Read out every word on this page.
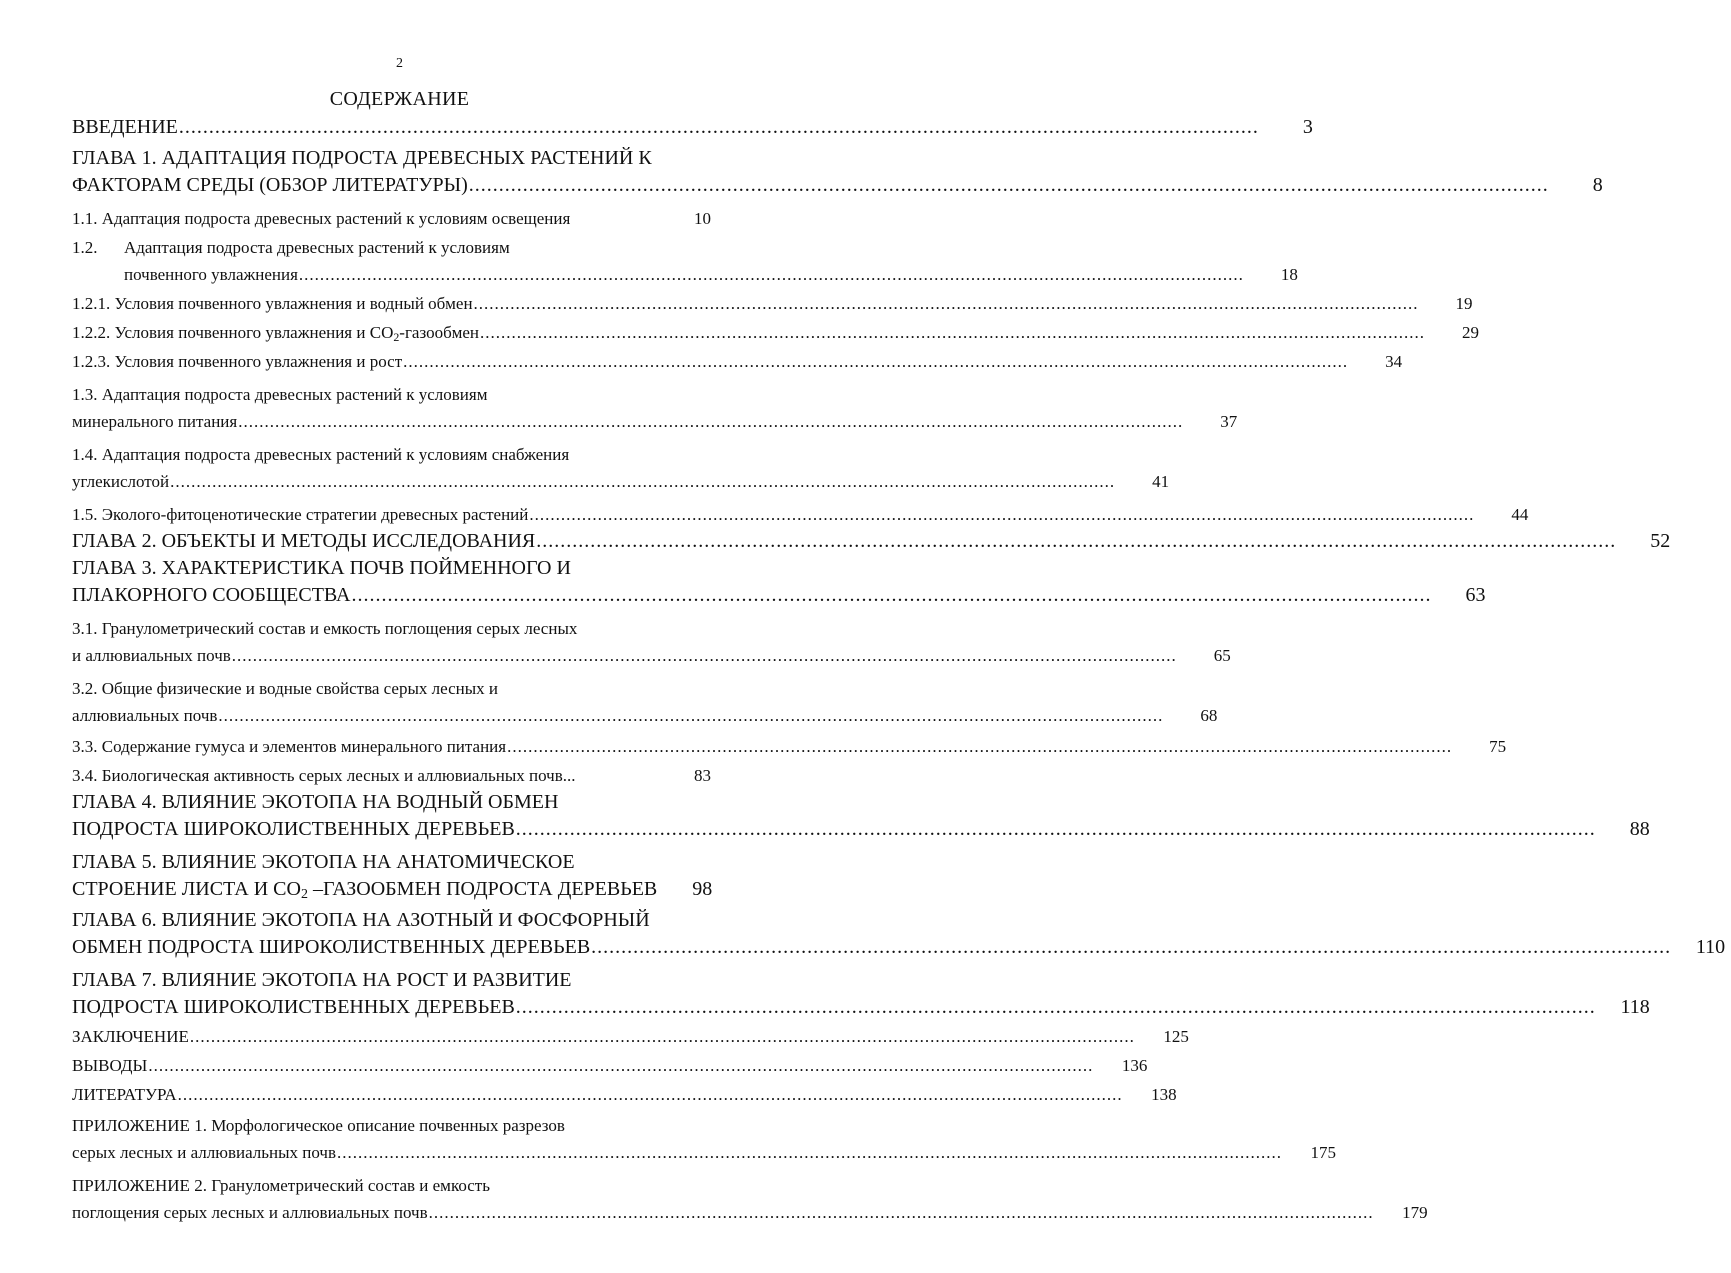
2
СОДЕРЖАНИЕ
ВВЕДЕНИЕ ....................................................................................................................................................................................	3
ГЛАВА 1. АДАПТАЦИЯ ПОДРОСТА ДРЕВЕСНЫХ РАСТЕНИЙ К
ФАКТОРАМ СРЕДЫ (ОБЗОР ЛИТЕРАТУРЫ) ....................................................................................................................................................................................	8
1.1. Адаптация подроста древесных растений к условиям освещения	10
1.2. Адаптация подроста древесных растений к условиям
почвенного увлажнения ....................................................................................................................................................................................	18
1.2.1. Условия почвенного увлажнения и водный обмен ....................................................................................................................................................................................	19
1.2.2. Условия почвенного увлажнения и $CO_2$-газообмен ....................................................................................................................................................................................	29
1.2.3. Условия почвенного увлажнения и рост ....................................................................................................................................................................................	34
1.3. Адаптация подроста древесных растений к условиям
минерального питания ....................................................................................................................................................................................	37
1.4. Адаптация подроста древесных растений к условиям снабжения
углекислотой ....................................................................................................................................................................................	41
1.5. Эколого-фитоценотические стратегии древесных растений ....................................................................................................................................................................................	44
ГЛАВА 2. ОБЪЕКТЫ И МЕТОДЫ ИССЛЕДОВАНИЯ ....................................................................................................................................................................................	52
ГЛАВА 3. ХАРАКТЕРИСТИКА ПОЧВ ПОЙМЕННОГО И
ПЛАКОРНОГО СООБЩЕСТВА ....................................................................................................................................................................................	63
3.1. Гранулометрический состав и емкость поглощения серых лесных
и аллювиальных почв ....................................................................................................................................................................................	65
3.2. Общие физические и водные свойства серых лесных и
аллювиальных почв ....................................................................................................................................................................................	68
3.3. Содержание гумуса и элементов минерального питания ....................................................................................................................................................................................	75
3.4. Биологическая активность серых лесных и аллювиальных почв...	83
ГЛАВА 4. ВЛИЯНИЕ ЭКОТОПА НА ВОДНЫЙ ОБМЕН
ПОДРОСТА ШИРОКОЛИСТВЕННЫХ ДЕРЕВЬЕВ ....................................................................................................................................................................................	88
ГЛАВА 5. ВЛИЯНИЕ ЭКОТОПА НА АНАТОМИЧЕСКОЕ
СТРОЕНИЕ ЛИСТА И $CO_2$ –ГАЗООБМЕН ПОДРОСТА ДЕРЕВЬЕВ	98
ГЛАВА 6. ВЛИЯНИЕ ЭКОТОПА НА АЗОТНЫЙ И ФОСФОРНЫЙ
ОБМЕН ПОДРОСТА ШИРОКОЛИСТВЕННЫХ ДЕРЕВЬЕВ ....................................................................................................................................................................................	110
ГЛАВА 7. ВЛИЯНИЕ ЭКОТОПА НА РОСТ И РАЗВИТИЕ
ПОДРОСТА ШИРОКОЛИСТВЕННЫХ ДЕРЕВЬЕВ ....................................................................................................................................................................................	118
ЗАКЛЮЧЕНИЕ ....................................................................................................................................................................................	125
ВЫВОДЫ ....................................................................................................................................................................................	136
ЛИТЕРАТУРА ....................................................................................................................................................................................	138
ПРИЛОЖЕНИЕ 1. Морфологическое описание почвенных разрезов
серых лесных и аллювиальных почв ....................................................................................................................................................................................	175
ПРИЛОЖЕНИЕ 2. Гранулометрический состав и емкость
поглощения серых лесных и аллювиальных почв ....................................................................................................................................................................................	179
